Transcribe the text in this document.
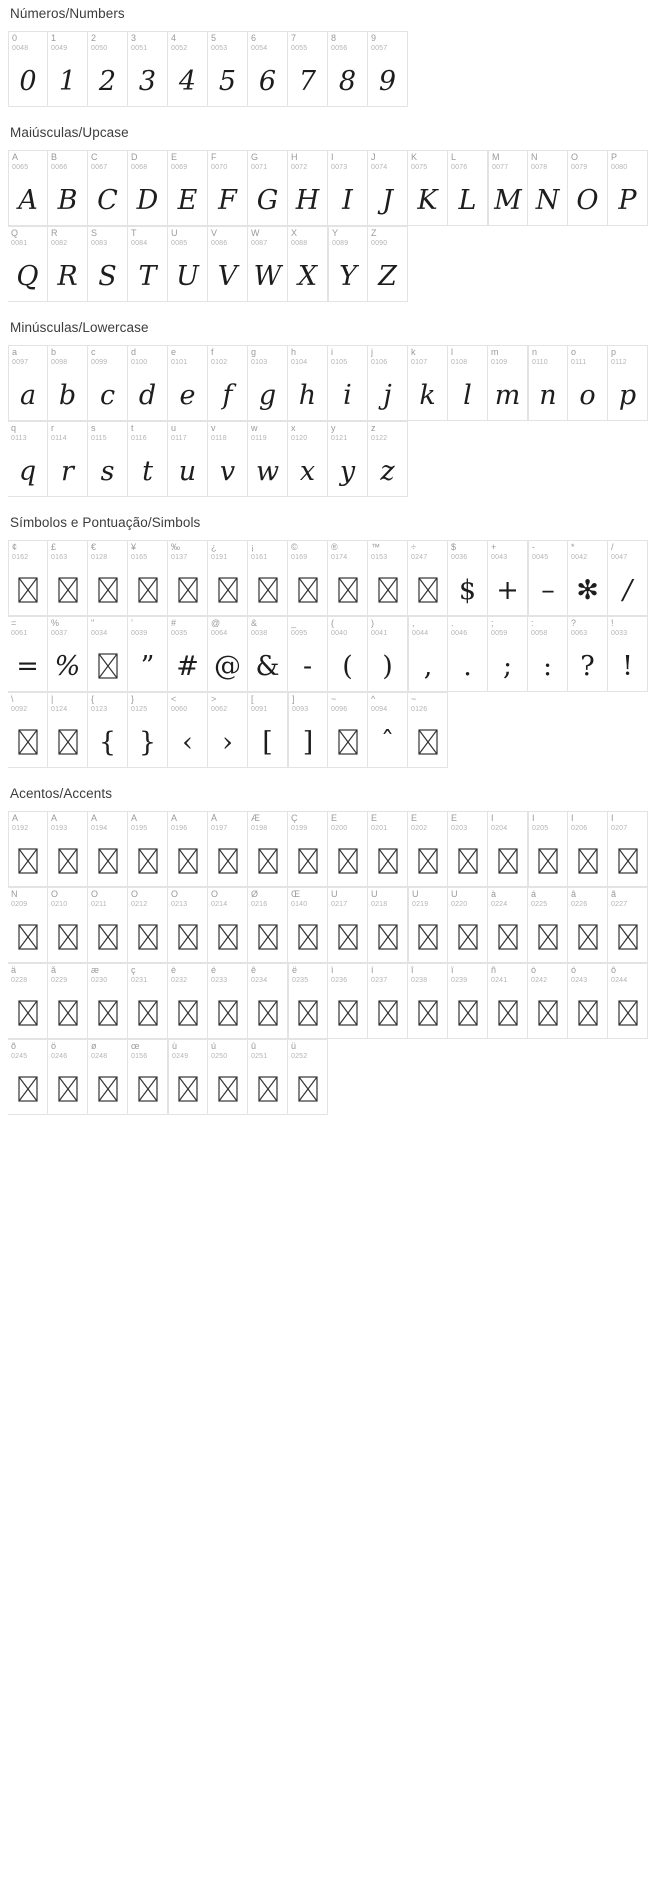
Números/Numbers
0
0048
0
1
0049
1
2
0050
2
3
0051
3
4
0052
4
5
0053
5
6
0054
6
7
0055
7
8
0056
8
9
0057
9
Maiúsculas/Upcase
A
0065
A
B
0066
B
C
0067
C
D
0068
D
E
0069
E
F
0070
F
G
0071
G
H
0072
H
I
0073
I
J
0074
J
K
0075
K
L
0076
L
M
0077
M
N
0078
N
O
0079
O
P
0080
P
Q
0081
Q
R
0082
R
S
0083
S
T
0084
T
U
0085
U
V
0086
V
W
0087
W
X
0088
X
Y
0089
Y
Z
0090
Z
Minúsculas/Lowercase
a
0097
a
b
0098
b
c
0099
c
d
0100
d
e
0101
e
f
0102
f
g
0103
g
h
0104
h
i
0105
i
j
0106
j
k
0107
k
l
0108
l
m
0109
m
n
0110
n
o
0111
o
p
0112
p
q
0113
q
r
0114
r
s
0115
s
t
0116
t
u
0117
u
v
0118
v
w
0119
w
x
0120
x
y
0121
y
z
0122
z
Símbolos e Pontuação/Simbols
¢
0162
£
0163
€
0128
¥
0165
‰
0137
¿
0191
¡
0161
©
0169
®
0174
™
0153
÷
0247
$
0036
$
+
0043
+
-
0045
–
*
0042
✻
/
0047
/
=
0061
=
%
0037
%
"
0034
’
0039
”
#
0035
#
@
0064
@
&
0038
&
_
0095
-
(
0040
(
)
0041
)
,
0044
,
.
0046
.
;
0059
;
:
0058
:
?
0063
?
!
0033
!
\
0092
|
0124
{
0123
{
}
0125
}
<
0060
‹
>
0062
›
[
0091
[
]
0093
]
~
0096
^
0094
ˆ
~
0126
Acentos/Accents
À
0192
Á
0193
Â
0194
Ã
0195
Ä
0196
Å
0197
Æ
0198
Ç
0199
È
0200
É
0201
Ê
0202
Ë
0203
Ì
0204
Í
0205
Î
0206
Ï
0207
Ñ
0209
Ò
0210
Ó
0211
Ô
0212
Õ
0213
Ö
0214
Ø
0216
Œ
0140
Ù
0217
Ú
0218
Û
0219
Ü
0220
à
0224
á
0225
â
0226
ã
0227
ä
0228
å
0229
æ
0230
ç
0231
è
0232
é
0233
ê
0234
ë
0235
ì
0236
í
0237
î
0238
ï
0239
ñ
0241
ò
0242
ó
0243
ô
0244
õ
0245
ö
0246
ø
0248
œ
0156
ù
0249
ú
0250
û
0251
ü
0252
